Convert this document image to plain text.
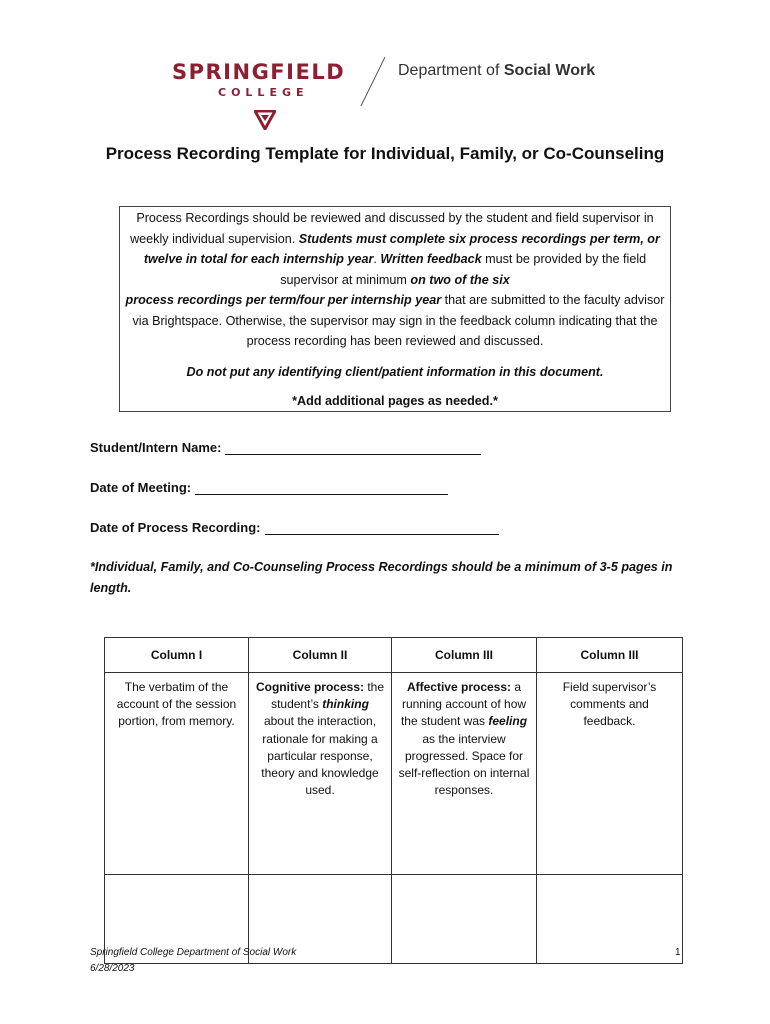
SPRINGFIELD
COLLEGE
Department of Social Work
Process Recording Template for Individual, Family, or Co-Counseling

Process Recordings should be reviewed and discussed by the student and field supervisor in weekly individual supervision. Students must complete six process recordings per term, or twelve in total for each internship year. Written feedback must be provided by the field supervisor at minimum on two of the six
process recordings per term/four per internship year that are submitted to the faculty advisor via Brightspace. Otherwise, the supervisor may sign in the feedback column indicating that the process recording has been reviewed and discussed.

Do not put any identifying client/patient information in this document.

*Add additional pages as needed.*

Student/Intern Name:
Date of Meeting:
Date of Process Recording:
*Individual, Family, and Co-Counseling Process Recordings should be a minimum of 3-5 pages in length.
Column I	Column II	Column III	Column III
The verbatim of the account of the session portion, from memory.	Cognitive process: the student’s thinking about the interaction, rationale for making a particular response, theory and knowledge used.	Affective process: a running account of how the student was feeling as the interview progressed. Space for self-reflection on internal responses.	Field supervisor’s comments and feedback.

Springfield College Department of Social Work
6/28/2023
1
